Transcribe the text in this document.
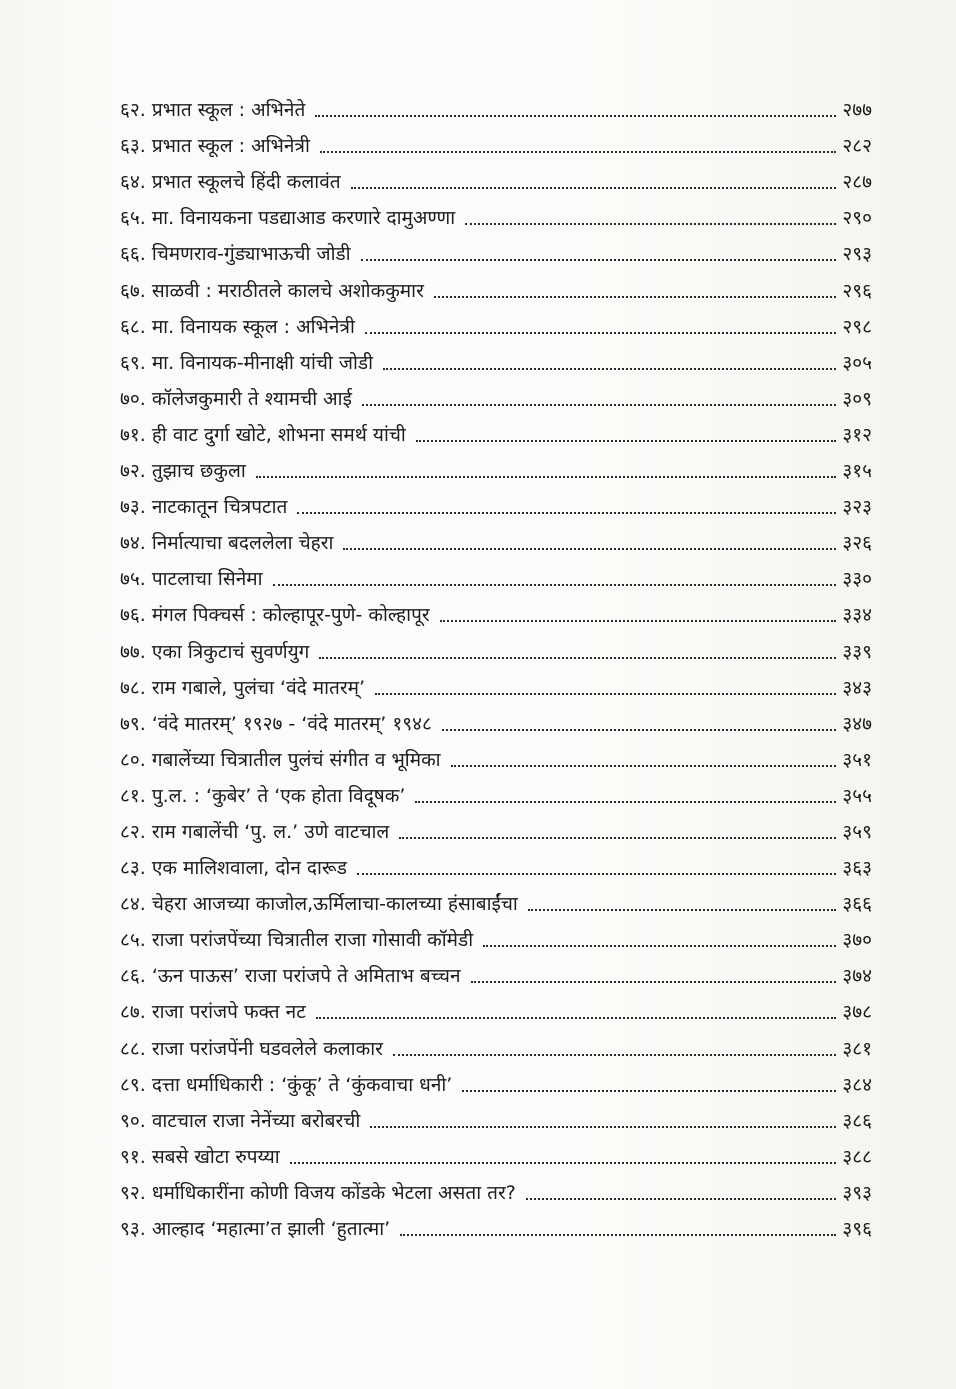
६२. प्रभात स्कूल : अभिनेते	२७७
६३. प्रभात स्कूल : अभिनेत्री	२८२
६४. प्रभात स्कूलचे हिंदी कलावंत	२८७
६५. मा. विनायकना पडद्याआड करणारे दामुअण्णा	२९०
६६. चिमणराव-गुंड्याभाऊची जोडी	२९३
६७. साळवी : मराठीतले कालचे अशोककुमार	२९६
६८. मा. विनायक स्कूल : अभिनेत्री	२९८
६९. मा. विनायक-मीनाक्षी यांची जोडी	३०५
७०. कॉलेजकुमारी ते श्यामची आई	३०९
७१. ही वाट दुर्गा खोटे, शोभना समर्थ यांची	३१२
७२. तुझाच छकुला	३१५
७३. नाटकातून चित्रपटात	३२३
७४. निर्मात्याचा बदललेला चेहरा	३२६
७५. पाटलाचा सिनेमा	३३०
७६. मंगल पिक्चर्स : कोल्हापूर-पुणे- कोल्हापूर	३३४
७७. एका त्रिकुटाचं सुवर्णयुग	३३९
७८. राम गबाले, पुलंचा ‘वंदे मातरम्’	३४३
७९. ‘वंदे मातरम्’ १९२७ - ‘वंदे मातरम्’ १९४८	३४७
८०. गबालेंच्या चित्रातील पुलंचं संगीत व भूमिका	३५१
८१. पु.ल. : ‘कुबेर’ ते ‘एक होता विदूषक’	३५५
८२. राम गबालेंची ‘पु. ल.’ उणे वाटचाल	३५९
८३. एक मालिशवाला, दोन दारूड	३६३
८४. चेहरा आजच्या काजोल,ऊर्मिलाचा-कालच्या हंसाबाईंचा	३६६
८५. राजा परांजपेंच्या चित्रातील राजा गोसावी कॉमेडी	३७०
८६. ‘ऊन पाऊस’ राजा परांजपे ते अमिताभ बच्चन	३७४
८७. राजा परांजपे फक्त नट	३७८
८८. राजा परांजपेंनी घडवलेले कलाकार	३८१
८९. दत्ता धर्माधिकारी : ‘कुंकू’ ते ‘कुंकवाचा धनी’	३८४
९०. वाटचाल राजा नेनेंच्या बरोबरची	३८६
९१. सबसे खोटा रुपय्या	३८८
९२. धर्माधिकारींना कोणी विजय कोंडके भेटला असता तर?	३९३
९३. आल्हाद ‘महात्मा’त झाली ‘हुतात्मा’	३९६
